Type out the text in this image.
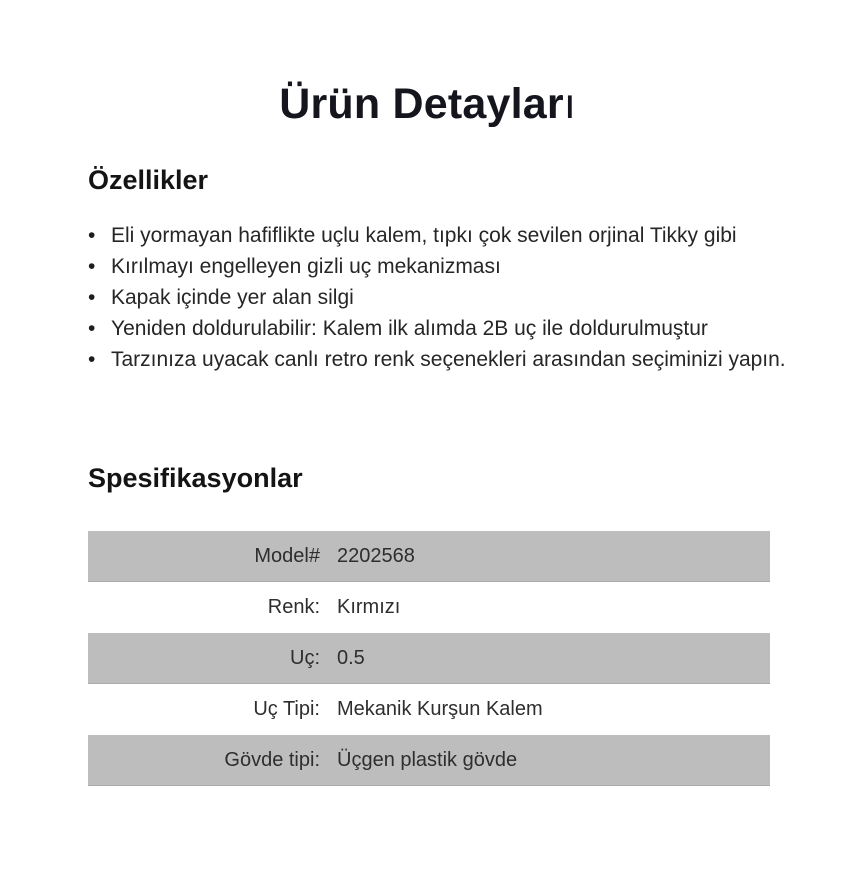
Ürün Detayları
Özellikler
• Eli yormayan hafiflikte uçlu kalem, tıpkı çok sevilen orjinal Tikky gibi
• Kırılmayı engelleyen gizli uç mekanizması
• Kapak içinde yer alan silgi
• Yeniden doldurulabilir: Kalem ilk alımda 2B uç ile doldurulmuştur
• Tarzınıza uyacak canlı retro renk seçenekleri arasından seçiminizi yapın.
Spesifikasyonlar
Model# 2202568
Renk: Kırmızı
Uç: 0.5
Uç Tipi: Mekanik Kurşun Kalem
Gövde tipi: Üçgen plastik gövde
